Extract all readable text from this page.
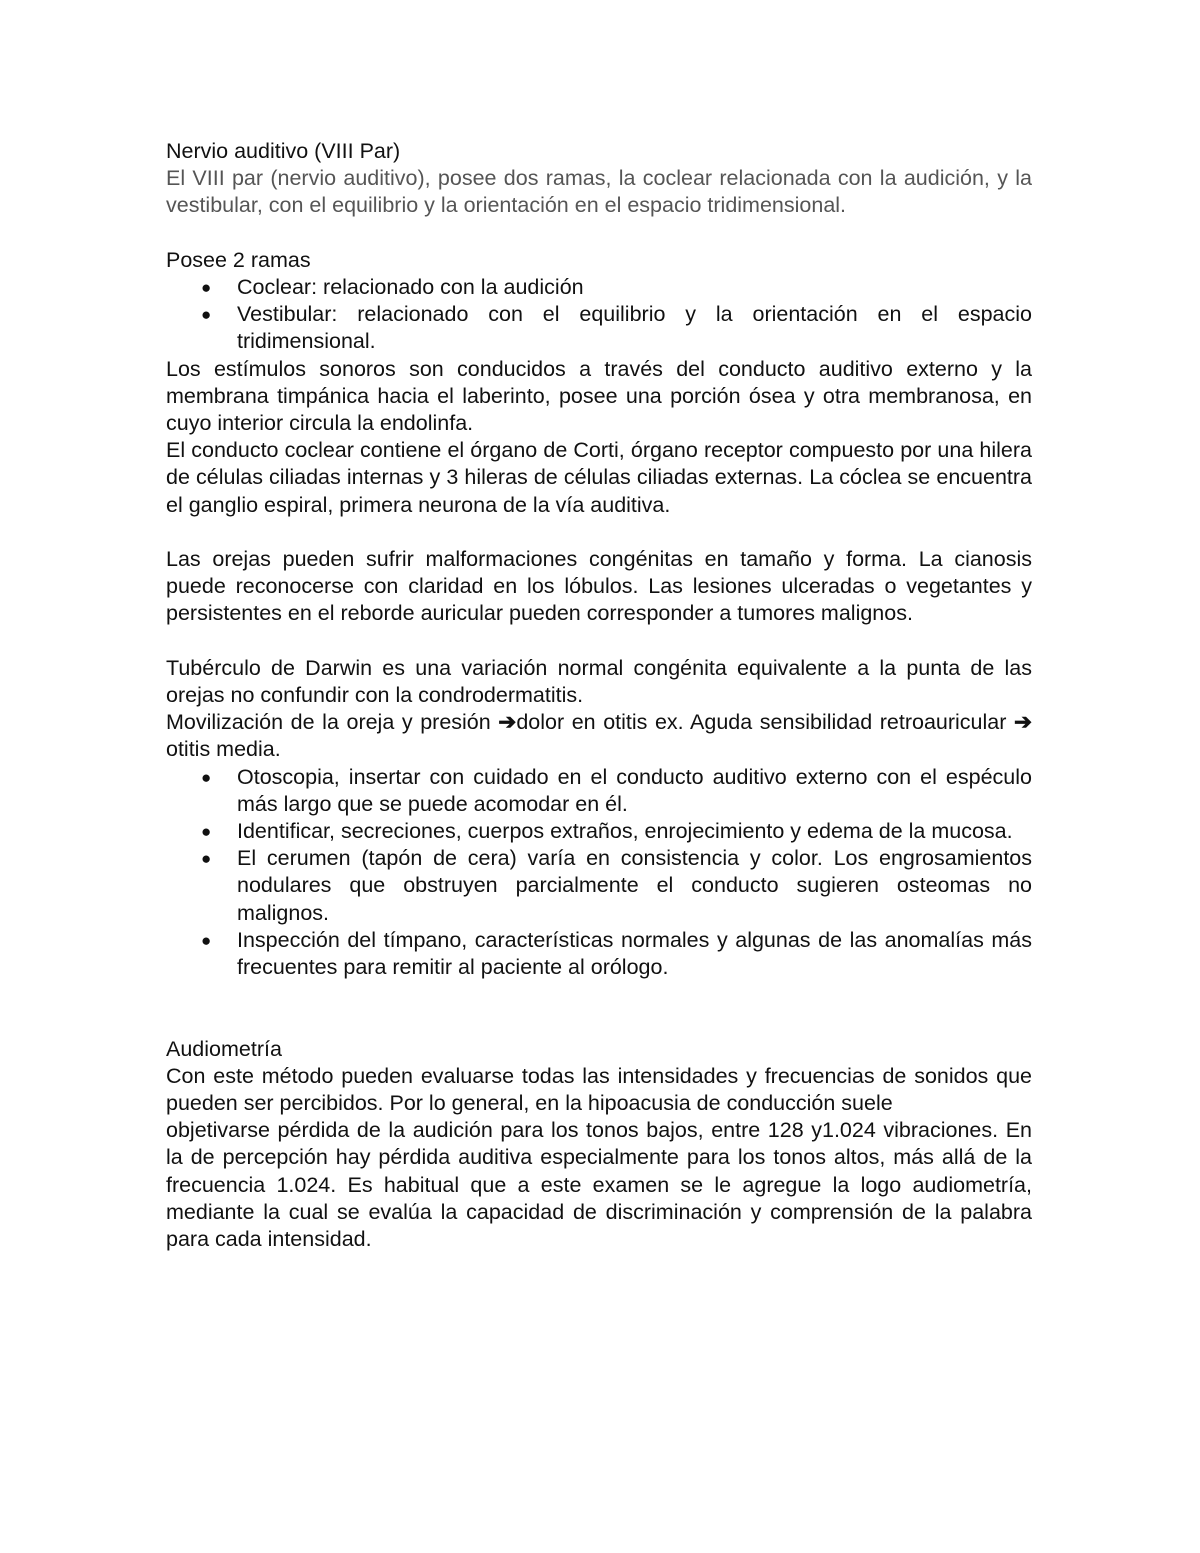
Nervio auditivo (VIII Par)

El VIII par (nervio auditivo), posee dos ramas, la coclear relacionada con la audición, y la vestibular, con el equilibrio y la orientación en el espacio tridimensional.

Posee 2 ramas

● Coclear: relacionado con la audición
● Vestibular: relacionado con el equilibrio y la orientación en el espacio tridimensional.

Los estímulos sonoros son conducidos a través del conducto auditivo externo y la membrana timpánica hacia el laberinto, posee una porción ósea y otra membranosa, en cuyo interior circula la endolinfa.

El conducto coclear contiene el órgano de Corti, órgano receptor compuesto por una hilera de células ciliadas internas y 3 hileras de células ciliadas externas. La cóclea se encuentra el ganglio espiral, primera neurona de la vía auditiva.

Las orejas pueden sufrir malformaciones congénitas en tamaño y forma. La cianosis puede reconocerse con claridad en los lóbulos. Las lesiones ulceradas o vegetantes y persistentes en el reborde auricular pueden corresponder a tumores malignos.

Tubérculo de Darwin es una variación normal congénita equivalente a la punta de las orejas no confundir con la condrodermatitis.

Movilización de la oreja y presión ➔dolor en otitis ex. Aguda sensibilidad retroauricular ➔otitis media.

● Otoscopia, insertar con cuidado en el conducto auditivo externo con el espéculo más largo que se puede acomodar en él.
● Identificar, secreciones, cuerpos extraños, enrojecimiento y edema de la mucosa.
● El cerumen (tapón de cera) varía en consistencia y color. Los engrosamientos nodulares que obstruyen parcialmente el conducto sugieren osteomas no malignos.
● Inspección del tímpano, características normales y algunas de las anomalías más frecuentes para remitir al paciente al orólogo.

Audiometría

Con este método pueden evaluarse todas las intensidades y frecuencias de sonidos que pueden ser percibidos. Por lo general, en la hipoacusia de conducción suele

objetivarse pérdida de la audición para los tonos bajos, entre 128 y1.024 vibraciones. En la de percepción hay pérdida auditiva especialmente para los tonos altos, más allá de la frecuencia 1.024. Es habitual que a este examen se le agregue la logo audiometría, mediante la cual se evalúa la capacidad de discriminación y comprensión de la palabra para cada intensidad.
